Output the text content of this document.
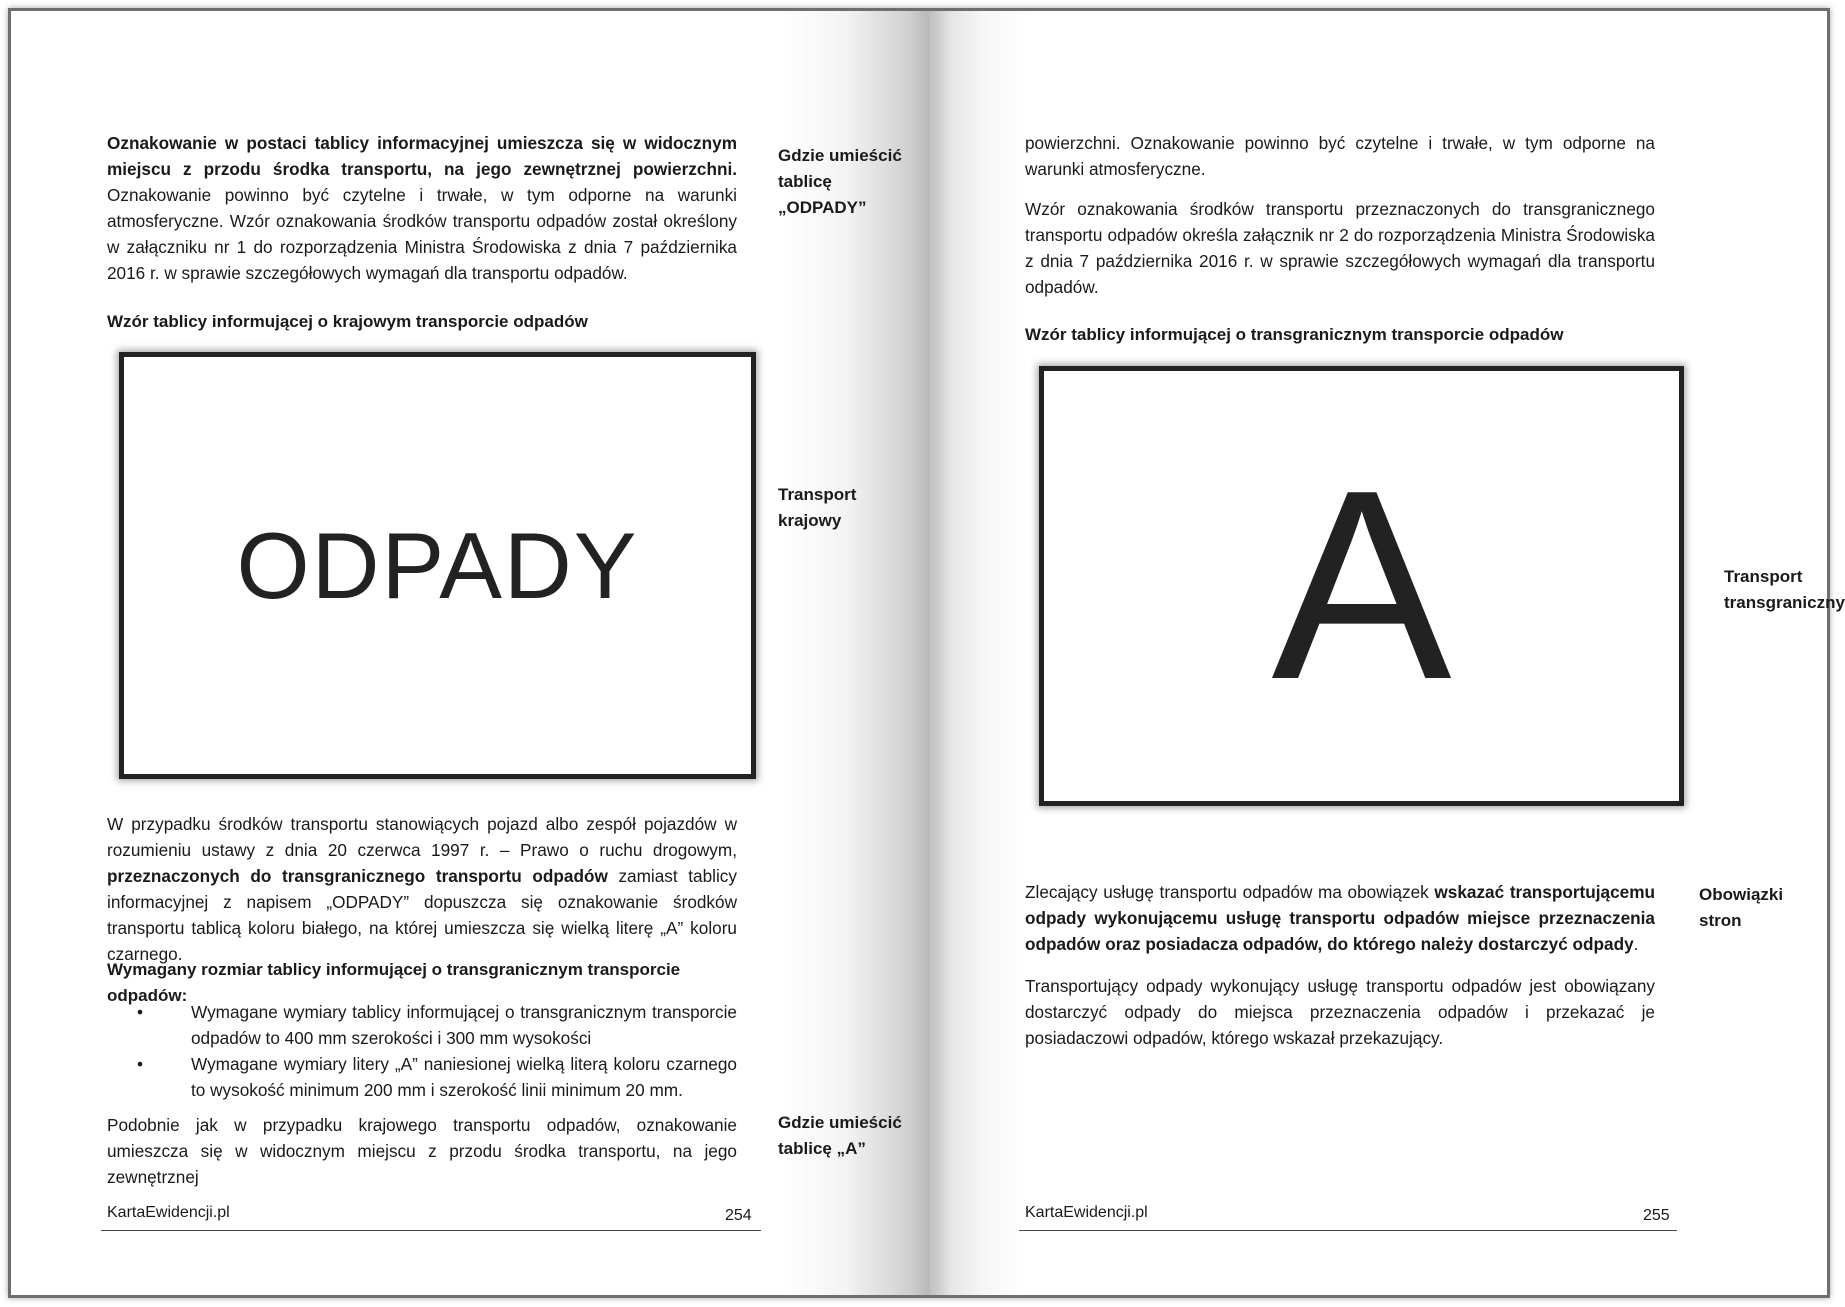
Oznakowanie w postaci tablicy informacyjnej umieszcza się w widocznym miejscu z przodu środka transportu, na jego zewnętrznej powierzchni. Oznakowanie powinno być czytelne i trwałe, w tym odporne na warunki atmosferyczne. Wzór oznakowania środków transportu odpadów został określony w załączniku nr 1 do rozporządzenia Ministra Środowiska z dnia 7 października 2016 r. w sprawie szczegółowych wymagań dla transportu odpadów.

Wzór tablicy informującej o krajowym transporcie odpadów

ODPADY

W przypadku środków transportu stanowiących pojazd albo zespół pojazdów w rozumieniu ustawy z dnia 20 czerwca 1997 r. – Prawo o ruchu drogowym, przeznaczonych do transgranicznego transportu odpadów zamiast tablicy informacyjnej z napisem „ODPADY” dopuszcza się oznakowanie środków transportu tablicą koloru białego, na której umieszcza się wielką literę „A” koloru czarnego.

Wymagany rozmiar tablicy informującej o transgranicznym transporcie odpadów:

•	Wymagane wymiary tablicy informującej o transgranicznym transporcie odpadów to 400 mm szerokości i 300 mm wysokości
•	Wymagane wymiary litery „A” naniesionej wielką literą koloru czarnego to wysokość minimum 200 mm i szerokość linii minimum 20 mm.

Podobnie jak w przypadku krajowego transportu odpadów, oznakowanie umieszcza się w widocznym miejscu z przodu środka transportu, na jego zewnętrznej

Gdzie umieścić
tablicę
„ODPADY”

Transport
krajowy

Gdzie umieścić
tablicę „A”

KartaEwidencji.pl	254

powierzchni. Oznakowanie powinno być czytelne i trwałe, w tym odporne na warunki atmosferyczne.

Wzór oznakowania środków transportu przeznaczonych do transgranicznego transportu odpadów określa załącznik nr 2 do rozporządzenia Ministra Środowiska z dnia 7 października 2016 r. w sprawie szczegółowych wymagań dla transportu odpadów.

Wzór tablicy informującej o transgranicznym transporcie odpadów

A

Zlecający usługę transportu odpadów ma obowiązek wskazać transportującemu odpady wykonującemu usługę transportu odpadów miejsce przeznaczenia odpadów oraz posiadacza odpadów, do którego należy dostarczyć odpady.

Transportujący odpady wykonujący usługę transportu odpadów jest obowiązany dostarczyć odpady do miejsca przeznaczenia odpadów i przekazać je posiadaczowi odpadów, którego wskazał przekazujący.

Transport
transgraniczny

Obowiązki
stron

KartaEwidencji.pl	255
